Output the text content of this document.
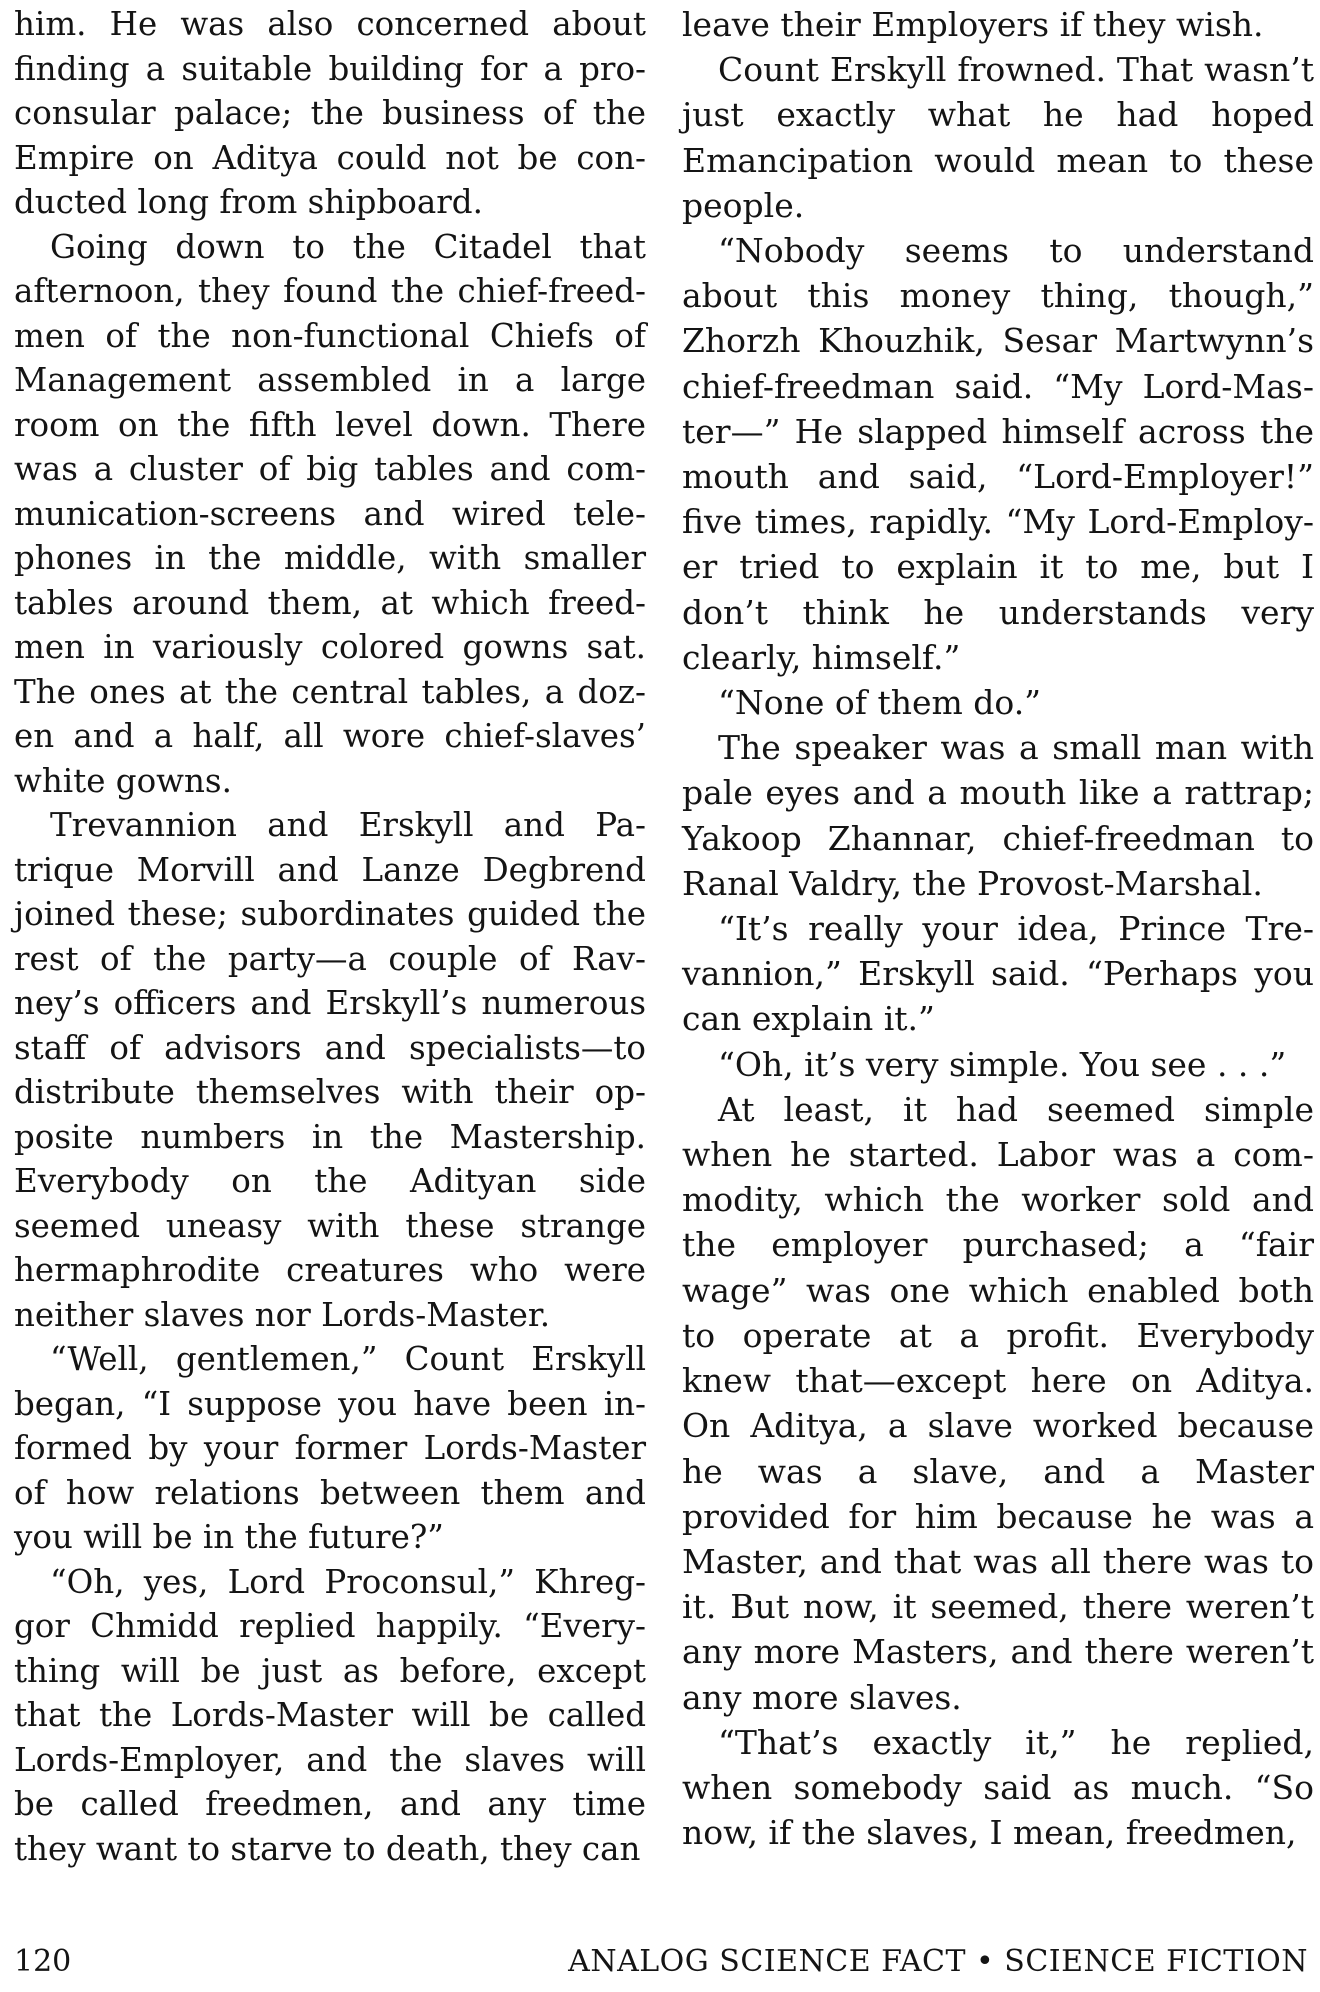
him. He was also concerned about finding a suitable building for a proconsular palace; the business of the Empire on Aditya could not be conducted long from shipboard.

Going down to the Citadel that afternoon, they found the chief-freedmen of the non-functional Chiefs of Management assembled in a large room on the fifth level down. There was a cluster of big tables and communication-screens and wired telephones in the middle, with smaller tables around them, at which freedmen in variously colored gowns sat. The ones at the central tables, a dozen and a half, all wore chief-slaves’ white gowns.

Trevannion and Erskyll and Patrique Morvill and Lanze Degbrend joined these; subordinates guided the rest of the party—a couple of Ravney’s officers and Erskyll’s numerous staff of advisors and specialists—to distribute themselves with their opposite numbers in the Mastership. Everybody on the Adityan side seemed uneasy with these strange hermaphrodite creatures who were neither slaves nor Lords-Master.

“Well, gentlemen,” Count Erskyll began, “I suppose you have been informed by your former Lords-Master of how relations between them and you will be in the future?”

“Oh, yes, Lord Proconsul,” Khreggor Chmidd replied happily. “Everything will be just as before, except that the Lords-Master will be called Lords-Employer, and the slaves will be called freedmen, and any time they want to starve to death, they can

leave their Employers if they wish.

Count Erskyll frowned. That wasn’t just exactly what he had hoped Emancipation would mean to these people.

“Nobody seems to understand about this money thing, though,” Zhorzh Khouzhik, Sesar Martwynn’s chief-freedman said. “My Lord-Master—” He slapped himself across the mouth and said, “Lord-Employer!” five times, rapidly. “My Lord-Employer tried to explain it to me, but I don’t think he understands very clearly, himself.”

“None of them do.”

The speaker was a small man with pale eyes and a mouth like a rattrap; Yakoop Zhannar, chief-freedman to Ranal Valdry, the Provost-Marshal.

“It’s really your idea, Prince Trevannion,” Erskyll said. “Perhaps you can explain it.”

“Oh, it’s very simple. You see . . .”

At least, it had seemed simple when he started. Labor was a commodity, which the worker sold and the employer purchased; a “fair wage” was one which enabled both to operate at a profit. Everybody knew that—except here on Aditya. On Aditya, a slave worked because he was a slave, and a Master provided for him because he was a Master, and that was all there was to it. But now, it seemed, there weren’t any more Masters, and there weren’t any more slaves.

“That’s exactly it,” he replied, when somebody said as much. “So now, if the slaves, I mean, freedmen,

120	ANALOG SCIENCE FACT • SCIENCE FICTION
